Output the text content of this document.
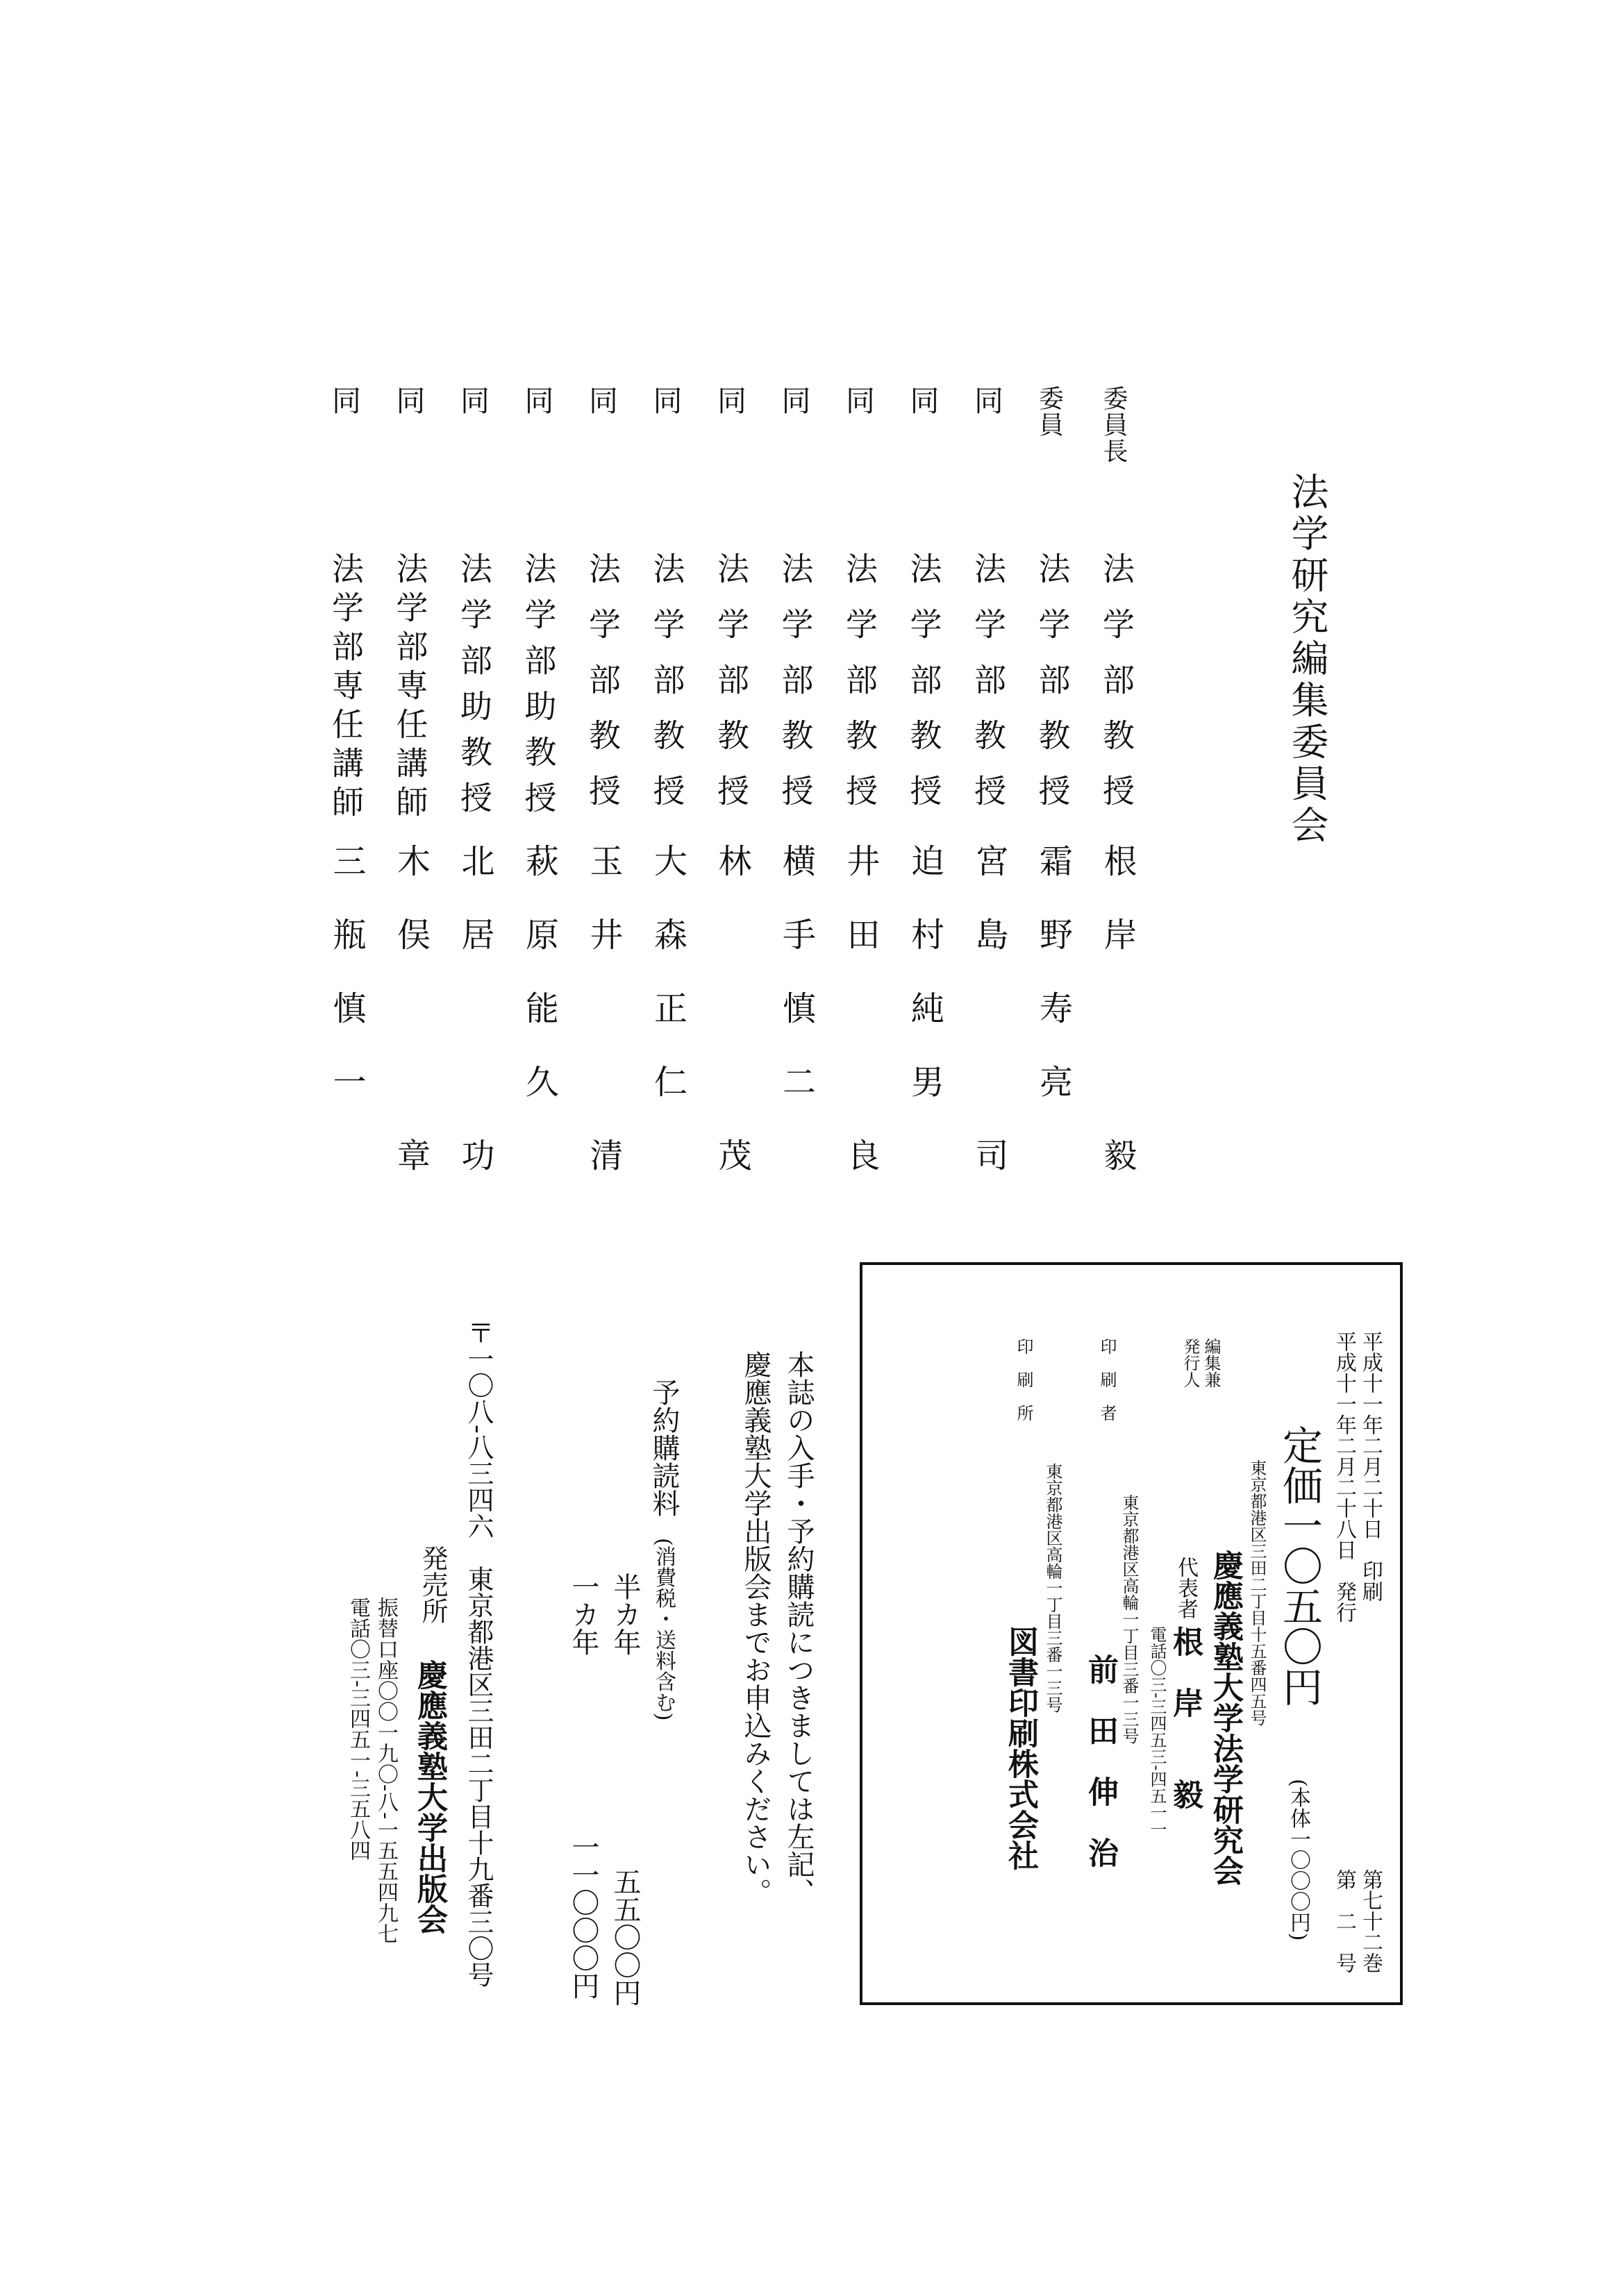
法学研究編集委員会
委員長
法学部教授
根岸　　毅
委員
法学部教授
霜野寿亮
同
法学部教授
宮島　　司
同
法学部教授
迫村純男
同
法学部教授
井田　　良
同
法学部教授
横手慎二
同
法学部教授
林　　　茂
同
法学部教授
大森正仁
同
法学部教授
玉井　　清
同
法学部助教授
萩原能久
同
法学部助教授
北居　　功
同
法学部専任講師
木俣　　章
同
法学部専任講師
三瓶慎一
平成十一年二月二十日　印刷
第七十二巻
平成十一年二月二十八日　発行
第　二　号
定価一〇五〇円
(本体一〇〇〇円)
編集兼
発行人
東京都港区三田二丁目十五番四五号
慶應義塾大学法学研究会
代表者
根　岸　　毅
電話〇三-三四五三-四五一一
印　刷　者
東京都港区高輪一丁目三番一三号
前　田　伸　治
印　刷　所
東京都港区高輪一丁目三番一三号
図書印刷株式会社
本誌の入手・予約購読につきましては左記、
慶應義塾大学出版会までお申込みください。
予約購読料
(消費税・送料含む)
半カ年
五五〇〇円
一カ年
一一〇〇〇円
〒一〇八-八三四六　東京都港区三田二丁目十九番三〇号
発売所
慶應義塾大学出版会
振替口座〇〇一九〇-八-一五五四九七
電話〇三-三四五一-三五八四
